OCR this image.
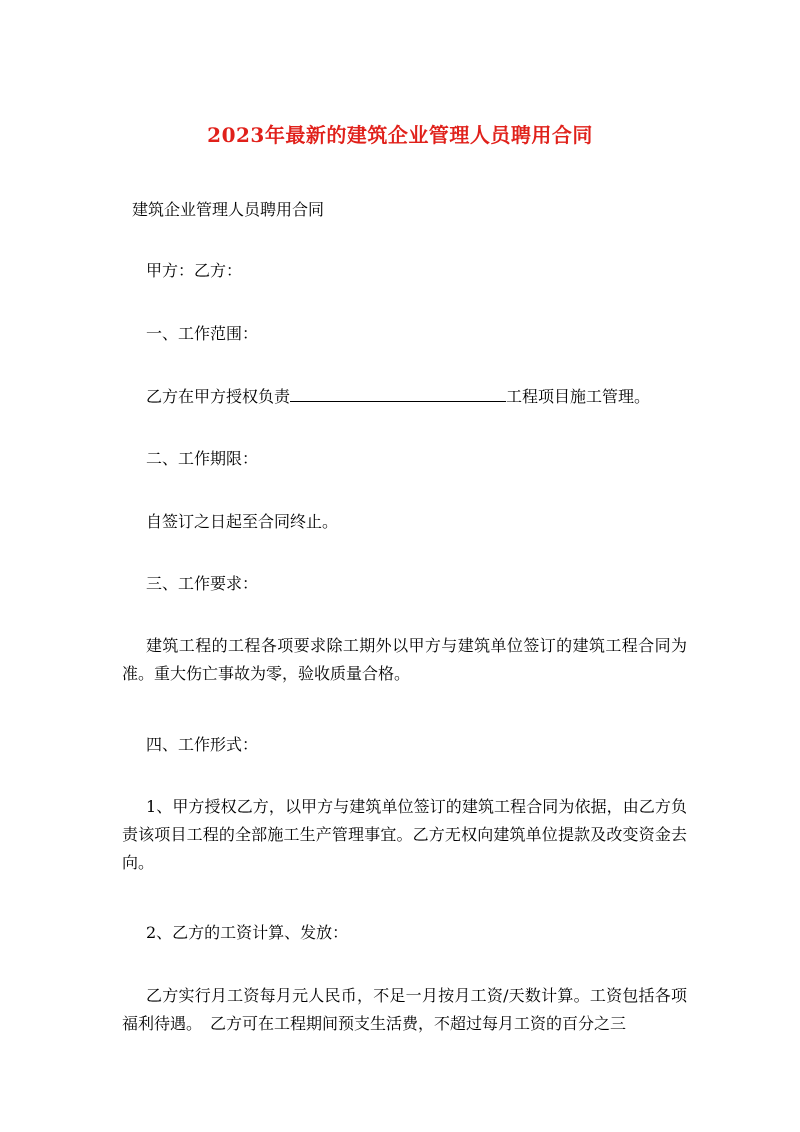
2023年最新的建筑企业管理人员聘用合同
建筑企业管理人员聘用合同
甲方：乙方：
一、工作范围：
乙方在甲方授权负责	工程项目施工管理。
二、工作期限：
自签订之日起至合同终止。
三、工作要求：
建筑工程的工程各项要求除工期外以甲方与建筑单位签订的建筑工程合同为准。重大伤亡事故为零，验收质量合格。
四、工作形式：
1、甲方授权乙方，以甲方与建筑单位签订的建筑工程合同为依据，由乙方负责该项目工程的全部施工生产管理事宜。乙方无权向建筑单位提款及改变资金去向。
2、乙方的工资计算、发放：
乙方实行月工资每月元人民币，不足一月按月工资/天数计算。工资包括各项福利待遇。　乙方可在工程期间预支生活费，不超过每月工资的百分之三
